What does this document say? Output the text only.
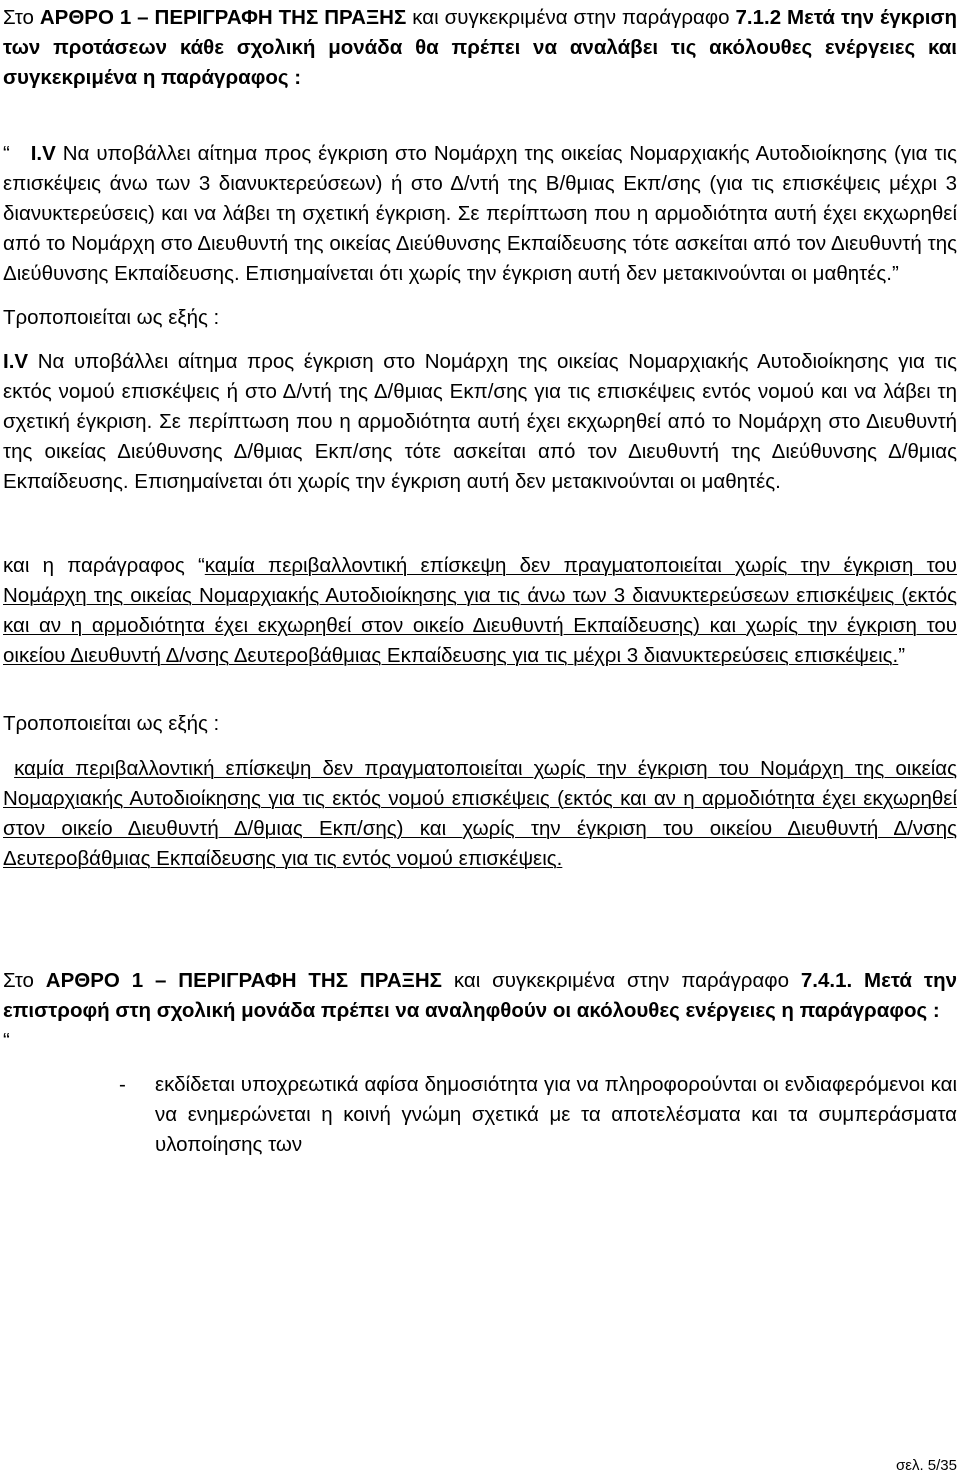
Στο ΑΡΘΡΟ 1 – ΠΕΡΙΓΡΑΦΗ ΤΗΣ ΠΡΑΞΗΣ και συγκεκριμένα στην παράγραφο 7.1.2 Μετά την έγκριση των προτάσεων κάθε σχολική μονάδα θα πρέπει να αναλάβει τις ακόλουθες ενέργειες και συγκεκριμένα η παράγραφος :

“ Ι.V Να υποβάλλει αίτημα προς έγκριση στο Νομάρχη της οικείας Νομαρχιακής Αυτοδιοίκησης (για τις επισκέψεις άνω των 3 διανυκτερεύσεων) ή στο Δ/ντή της Β/θμιας Εκπ/σης (για τις επισκέψεις μέχρι 3 διανυκτερεύσεις) και να λάβει τη σχετική έγκριση. Σε περίπτωση που η αρμοδιότητα αυτή έχει εκχωρηθεί από το Νομάρχη στο Διευθυντή της οικείας Διεύθυνσης Εκπαίδευσης τότε ασκείται από τον Διευθυντή της Διεύθυνσης Εκπαίδευσης. Επισημαίνεται ότι χωρίς την έγκριση αυτή δεν μετακινούνται οι μαθητές.”

Τροποποιείται ως εξής :

Ι.V Να υποβάλλει αίτημα προς έγκριση στο Νομάρχη της οικείας Νομαρχιακής Αυτοδιοίκησης για τις εκτός νομού επισκέψεις ή στο Δ/ντή της Δ/θμιας Εκπ/σης για τις επισκέψεις εντός νομού και να λάβει τη σχετική έγκριση. Σε περίπτωση που η αρμοδιότητα αυτή έχει εκχωρηθεί από το Νομάρχη στο Διευθυντή της οικείας Διεύθυνσης Δ/θμιας Εκπ/σης τότε ασκείται από τον Διευθυντή της Διεύθυνσης Δ/θμιας Εκπαίδευσης. Επισημαίνεται ότι χωρίς την έγκριση αυτή δεν μετακινούνται οι μαθητές.

και η παράγραφος “καμία περιβαλλοντική επίσκεψη δεν πραγματοποιείται χωρίς την έγκριση του Νομάρχη της οικείας Νομαρχιακής Αυτοδιοίκησης για τις άνω των 3 διανυκτερεύσεων επισκέψεις (εκτός και αν η αρμοδιότητα έχει εκχωρηθεί στον οικείο Διευθυντή Εκπαίδευσης) και χωρίς την έγκριση του οικείου Διευθυντή Δ/νσης Δευτεροβάθμιας Εκπαίδευσης για τις μέχρι 3 διανυκτερεύσεις επισκέψεις.”

Τροποποιείται ως εξής :

καμία περιβαλλοντική επίσκεψη δεν πραγματοποιείται χωρίς την έγκριση του Νομάρχη της οικείας Νομαρχιακής Αυτοδιοίκησης για τις εκτός νομού επισκέψεις (εκτός και αν η αρμοδιότητα έχει εκχωρηθεί στον οικείο Διευθυντή Δ/θμιας Εκπ/σης) και χωρίς την έγκριση του οικείου Διευθυντή Δ/νσης Δευτεροβάθμιας Εκπαίδευσης για τις εντός νομού επισκέψεις.

Στο ΑΡΘΡΟ 1 – ΠΕΡΙΓΡΑΦΗ ΤΗΣ ΠΡΑΞΗΣ και συγκεκριμένα στην παράγραφο 7.4.1. Μετά την επιστροφή στη σχολική μονάδα πρέπει να αναληφθούν οι ακόλουθες ενέργειες η παράγραφος :

“

- εκδίδεται υποχρεωτικά αφίσα δημοσιότητα για να πληροφορούνται οι ενδιαφερόμενοι και να ενημερώνεται η κοινή γνώμη σχετικά με τα αποτελέσματα και τα συμπεράσματα υλοποίησης των

σελ. 5/35
